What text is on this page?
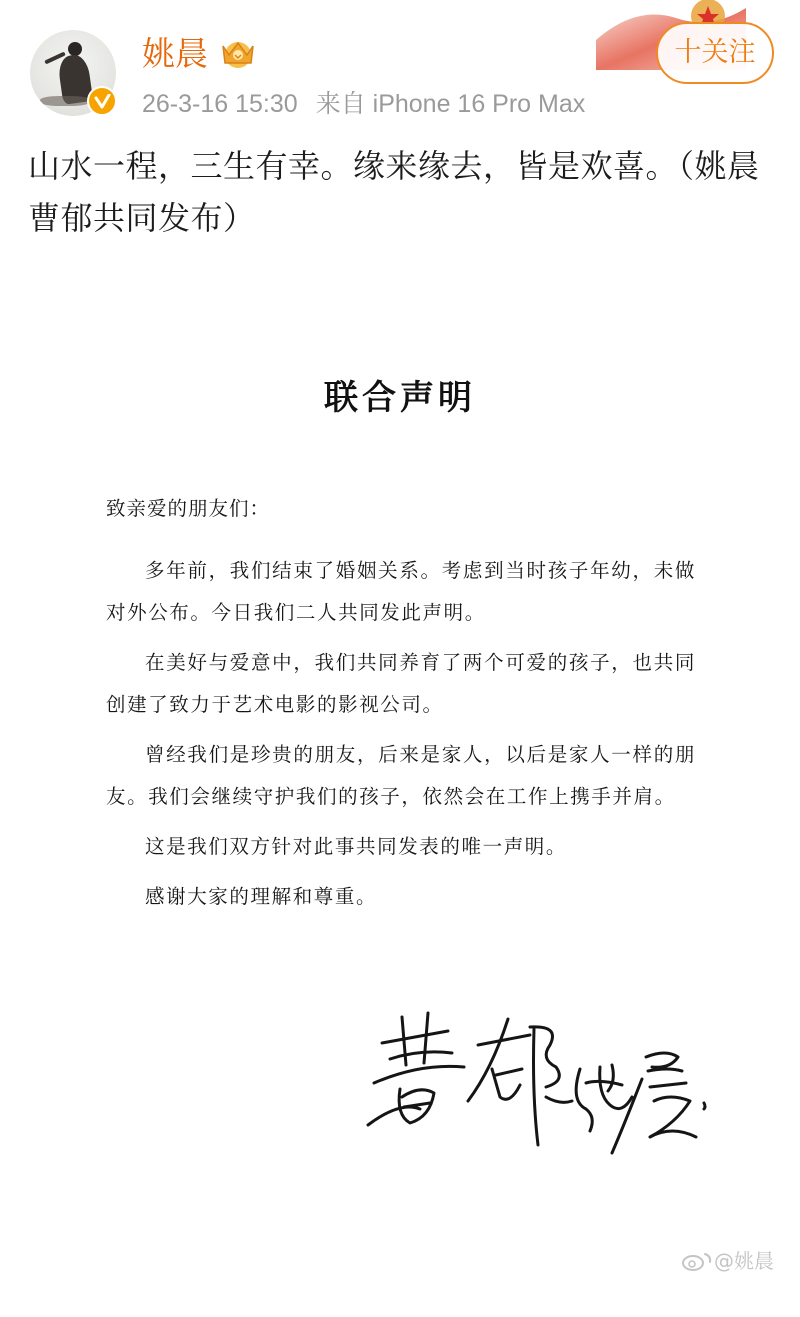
姚晨
26-3-16 15:30 来自 iPhone 16 Pro Max
十关注
山水一程，三生有幸。缘来缘去，皆是欢喜。（姚晨曹郁共同发布）
联合声明
致亲爱的朋友们：

多年前，我们结束了婚姻关系。考虑到当时孩子年幼，未做对外公布。今日我们二人共同发此声明。

在美好与爱意中，我们共同养育了两个可爱的孩子，也共同创建了致力于艺术电影的影视公司。

曾经我们是珍贵的朋友，后来是家人，以后是家人一样的朋友。我们会继续守护我们的孩子，依然会在工作上携手并肩。

这是我们双方针对此事共同发表的唯一声明。

感谢大家的理解和尊重。

@姚晨
